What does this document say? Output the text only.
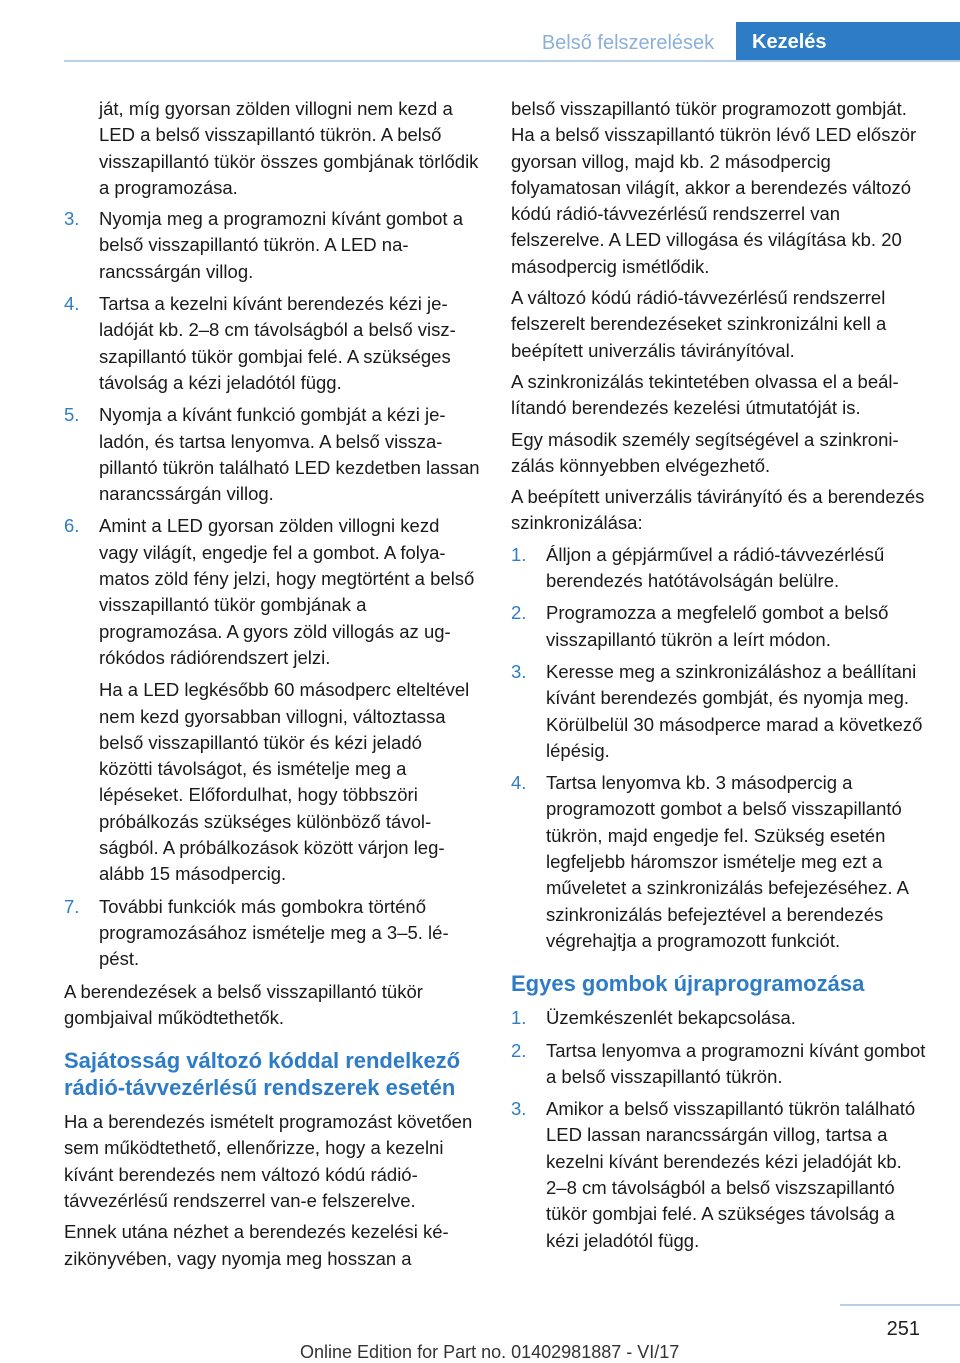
Belső felszerelések	Kezelés

ját, míg gyorsan zölden villogni nem kezd a LED a belső visszapillantó tükrön. A belső visszapillantó tükör összes gombjának törlődik a programozása.

3. Nyomja meg a programozni kívánt gombot a belső visszapillantó tükrön. A LED narancssárgán villog.

4. Tartsa a kezelni kívánt berendezés kézi jeladóját kb. 2–8 cm távolságból a belső viszszapillantó tükör gombjai felé. A szükséges távolság a kézi jeladótól függ.

5. Nyomja a kívánt funkció gombját a kézi jeladón, és tartsa lenyomva. A belső visszapillantó tükrön található LED kezdetben lassan narancssárgán villog.

6. Amint a LED gyorsan zölden villogni kezd vagy világít, engedje fel a gombot. A folyamatos zöld fény jelzi, hogy megtörtént a belső visszapillantó tükör gombjának a programozása. A gyors zöld villogás az ugrókódos rádiórendszert jelzi.

Ha a LED legkésőbb 60 másodperc elteltével nem kezd gyorsabban villogni, változtassa belső visszapillantó tükör és kézi jeladó közötti távolságot, és ismételje meg a lépéseket. Előfordulhat, hogy többszöri próbálkozás szükséges különböző távolságból. A próbálkozások között várjon legalább 15 másodpercig.

7. További funkciók más gombokra történő programozásához ismételje meg a 3–5. lépést.

A berendezések a belső visszapillantó tükör gombjaival működtethetők.

Sajátosság változó kóddal rendelkező rádió-távvezérlésű rendszerek esetén

Ha a berendezés ismételt programozást követően sem működtethető, ellenőrizze, hogy a kezelni kívánt berendezés nem változó kódú rádió-távvezérlésű rendszerrel van-e felszerelve.

Ennek utána nézhet a berendezés kezelési kézikönyvében, vagy nyomja meg hosszan a

belső visszapillantó tükör programozott gombját. Ha a belső visszapillantó tükrön lévő LED először gyorsan villog, majd kb. 2 másodpercig folyamatosan világít, akkor a berendezés változó kódú rádió-távvezérlésű rendszerrel van felszerelve. A LED villogása és világítása kb. 20 másodpercig ismétlődik.

A változó kódú rádió-távvezérlésű rendszerrel felszerelt berendezéseket szinkronizálni kell a beépített univerzális távirányítóval.

A szinkronizálás tekintetében olvassa el a beállítandó berendezés kezelési útmutatóját is.

Egy második személy segítségével a szinkronizálás könnyebben elvégezhető.

A beépített univerzális távirányító és a berendezés szinkronizálása:

1. Álljon a gépjárművel a rádió-távvezérlésű berendezés hatótávolságán belülre.

2. Programozza a megfelelő gombot a belső visszapillantó tükrön a leírt módon.

3. Keresse meg a szinkronizáláshoz a beállítani kívánt berendezés gombját, és nyomja meg. Körülbelül 30 másodperce marad a következő lépésig.

4. Tartsa lenyomva kb. 3 másodpercig a programozott gombot a belső visszapillantó tükrön, majd engedje fel. Szükség esetén legfeljebb háromszor ismételje meg ezt a műveletet a szinkronizálás befejezéséhez. A szinkronizálás befejeztével a berendezés végrehajtja a programozott funkciót.

Egyes gombok újraprogramozása
1. Üzemkészenlét bekapcsolása.

2. Tartsa lenyomva a programozni kívánt gombot a belső visszapillantó tükrön.

3. Amikor a belső visszapillantó tükrön található LED lassan narancssárgán villog, tartsa a kezelni kívánt berendezés kézi jeladóját kb. 2–8 cm távolságból a belső viszszapillantó tükör gombjai felé. A szükséges távolság a kézi jeladótól függ.

251
Online Edition for Part no. 01402981887 - VI/17
